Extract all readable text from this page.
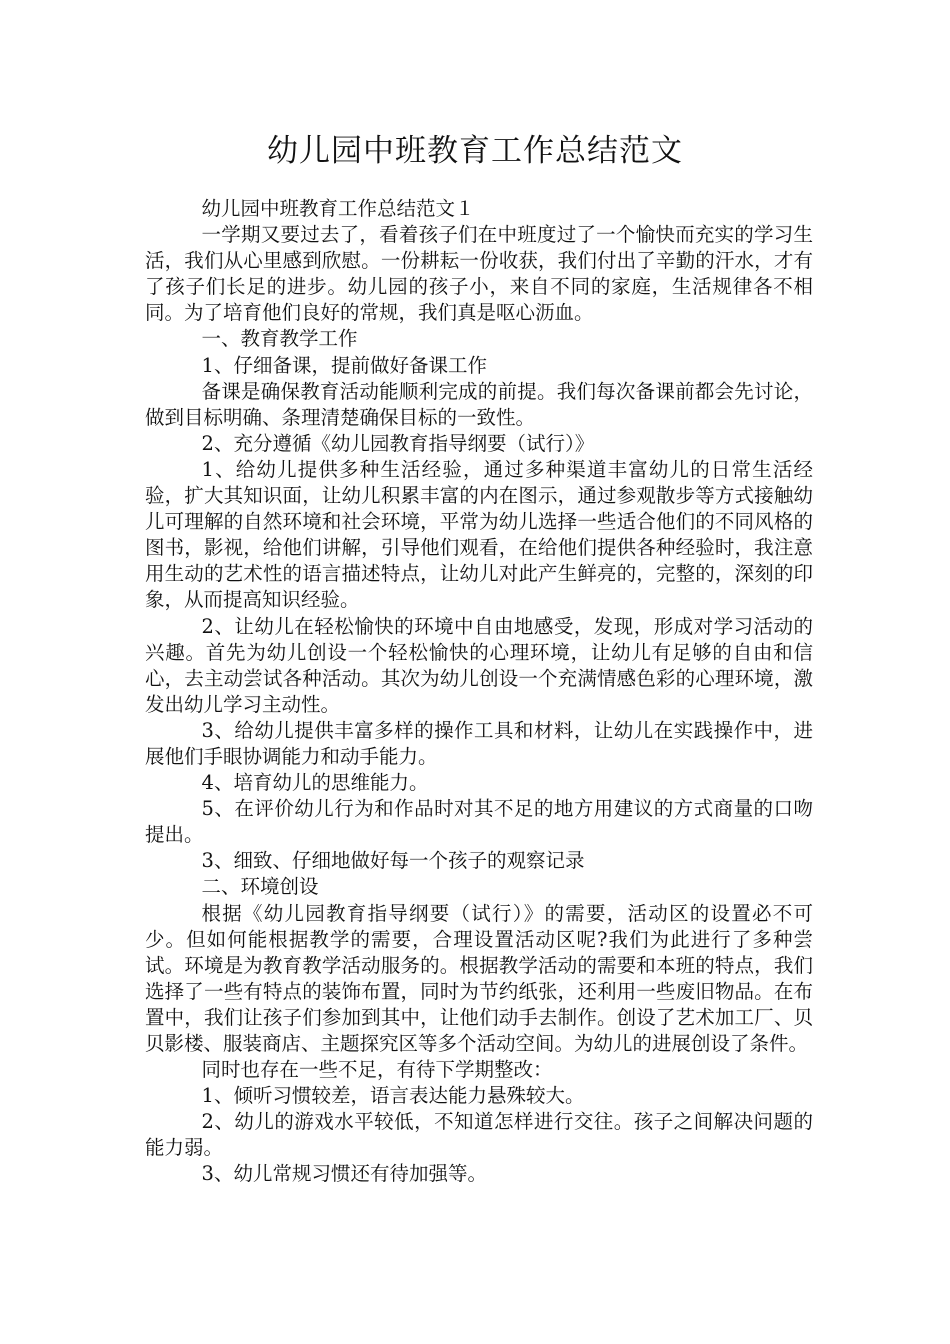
幼儿园中班教育工作总结范文

幼儿园中班教育工作总结范文１

一学期又要过去了，看着孩子们在中班度过了一个愉快而充实的学习生活，我们从心里感到欣慰。一份耕耘一份收获，我们付出了辛勤的汗水，才有了孩子们长足的进步。幼儿园的孩子小，来自不同的家庭，生活规律各不相同。为了培育他们良好的常规，我们真是呕心沥血。

一、教育教学工作

1、仔细备课，提前做好备课工作

备课是确保教育活动能顺利完成的前提。我们每次备课前都会先讨论，做到目标明确、条理清楚确保目标的一致性。

2、充分遵循《幼儿园教育指导纲要（试行）》

1、给幼儿提供多种生活经验，通过多种渠道丰富幼儿的日常生活经验，扩大其知识面，让幼儿积累丰富的内在图示，通过参观散步等方式接触幼儿可理解的自然环境和社会环境，平常为幼儿选择一些适合他们的不同风格的图书，影视，给他们讲解，引导他们观看，在给他们提供各种经验时，我注意用生动的艺术性的语言描述特点，让幼儿对此产生鲜亮的，完整的，深刻的印象，从而提高知识经验。

2、让幼儿在轻松愉快的环境中自由地感受，发现，形成对学习活动的兴趣。首先为幼儿创设一个轻松愉快的心理环境，让幼儿有足够的自由和信心，去主动尝试各种活动。其次为幼儿创设一个充满情感色彩的心理环境，激发出幼儿学习主动性。

3、给幼儿提供丰富多样的操作工具和材料，让幼儿在实践操作中，进展他们手眼协调能力和动手能力。

4、培育幼儿的思维能力。

5、在评价幼儿行为和作品时对其不足的地方用建议的方式商量的口吻提出。

3、细致、仔细地做好每一个孩子的观察记录

二、环境创设

根据《幼儿园教育指导纲要（试行）》的需要，活动区的设置必不可少。但如何能根据教学的需要，合理设置活动区呢?我们为此进行了多种尝试。环境是为教育教学活动服务的。根据教学活动的需要和本班的特点，我们选择了一些有特点的装饰布置，同时为节约纸张，还利用一些废旧物品。在布置中，我们让孩子们参加到其中，让他们动手去制作。创设了艺术加工厂、贝贝影楼、服装商店、主题探究区等多个活动空间。为幼儿的进展创设了条件。

同时也存在一些不足，有待下学期整改：

1、倾听习惯较差，语言表达能力悬殊较大。

2、幼儿的游戏水平较低，不知道怎样进行交往。孩子之间解决问题的能力弱。

3、幼儿常规习惯还有待加强等。
